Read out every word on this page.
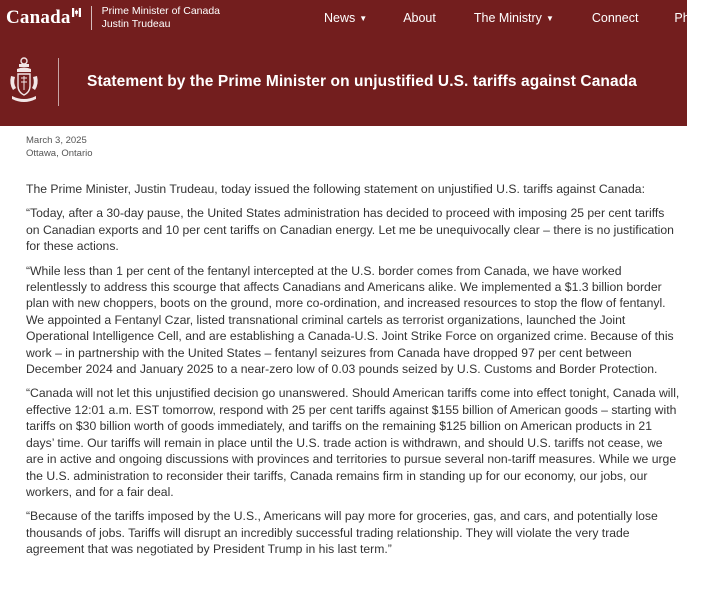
Canada	Prime Minister of Canada
Justin Trudeau	News ▼	About	The Ministry ▼	Connect	Photo
Statement by the Prime Minister on unjustified U.S. tariffs against Canada
March 3, 2025
Ottawa, Ontario

The Prime Minister, Justin Trudeau, today issued the following statement on unjustified U.S. tariffs against Canada:

“Today, after a 30-day pause, the United States administration has decided to proceed with imposing 25 per cent tariffs on Canadian exports and 10 per cent tariffs on Canadian energy. Let me be unequivocally clear – there is no justification for these actions.

“While less than 1 per cent of the fentanyl intercepted at the U.S. border comes from Canada, we have worked relentlessly to address this scourge that affects Canadians and Americans alike. We implemented a $1.3 billion border plan with new choppers, boots on the ground, more co-ordination, and increased resources to stop the flow of fentanyl. We appointed a Fentanyl Czar, listed transnational criminal cartels as terrorist organizations, launched the Joint Operational Intelligence Cell, and are establishing a Canada-U.S. Joint Strike Force on organized crime. Because of this work – in partnership with the United States – fentanyl seizures from Canada have dropped 97 per cent between December 2024 and January 2025 to a near-zero low of 0.03 pounds seized by U.S. Customs and Border Protection.

“Canada will not let this unjustified decision go unanswered. Should American tariffs come into effect tonight, Canada will, effective 12:01 a.m. EST tomorrow, respond with 25 per cent tariffs against $155 billion of American goods – starting with tariffs on $30 billion worth of goods immediately, and tariffs on the remaining $125 billion on American products in 21 days’ time. Our tariffs will remain in place until the U.S. trade action is withdrawn, and should U.S. tariffs not cease, we are in active and ongoing discussions with provinces and territories to pursue several non-tariff measures. While we urge the U.S. administration to reconsider their tariffs, Canada remains firm in standing up for our economy, our jobs, our workers, and for a fair deal.

“Because of the tariffs imposed by the U.S., Americans will pay more for groceries, gas, and cars, and potentially lose thousands of jobs. Tariffs will disrupt an incredibly successful trading relationship. They will violate the very trade agreement that was negotiated by President Trump in his last term.”
